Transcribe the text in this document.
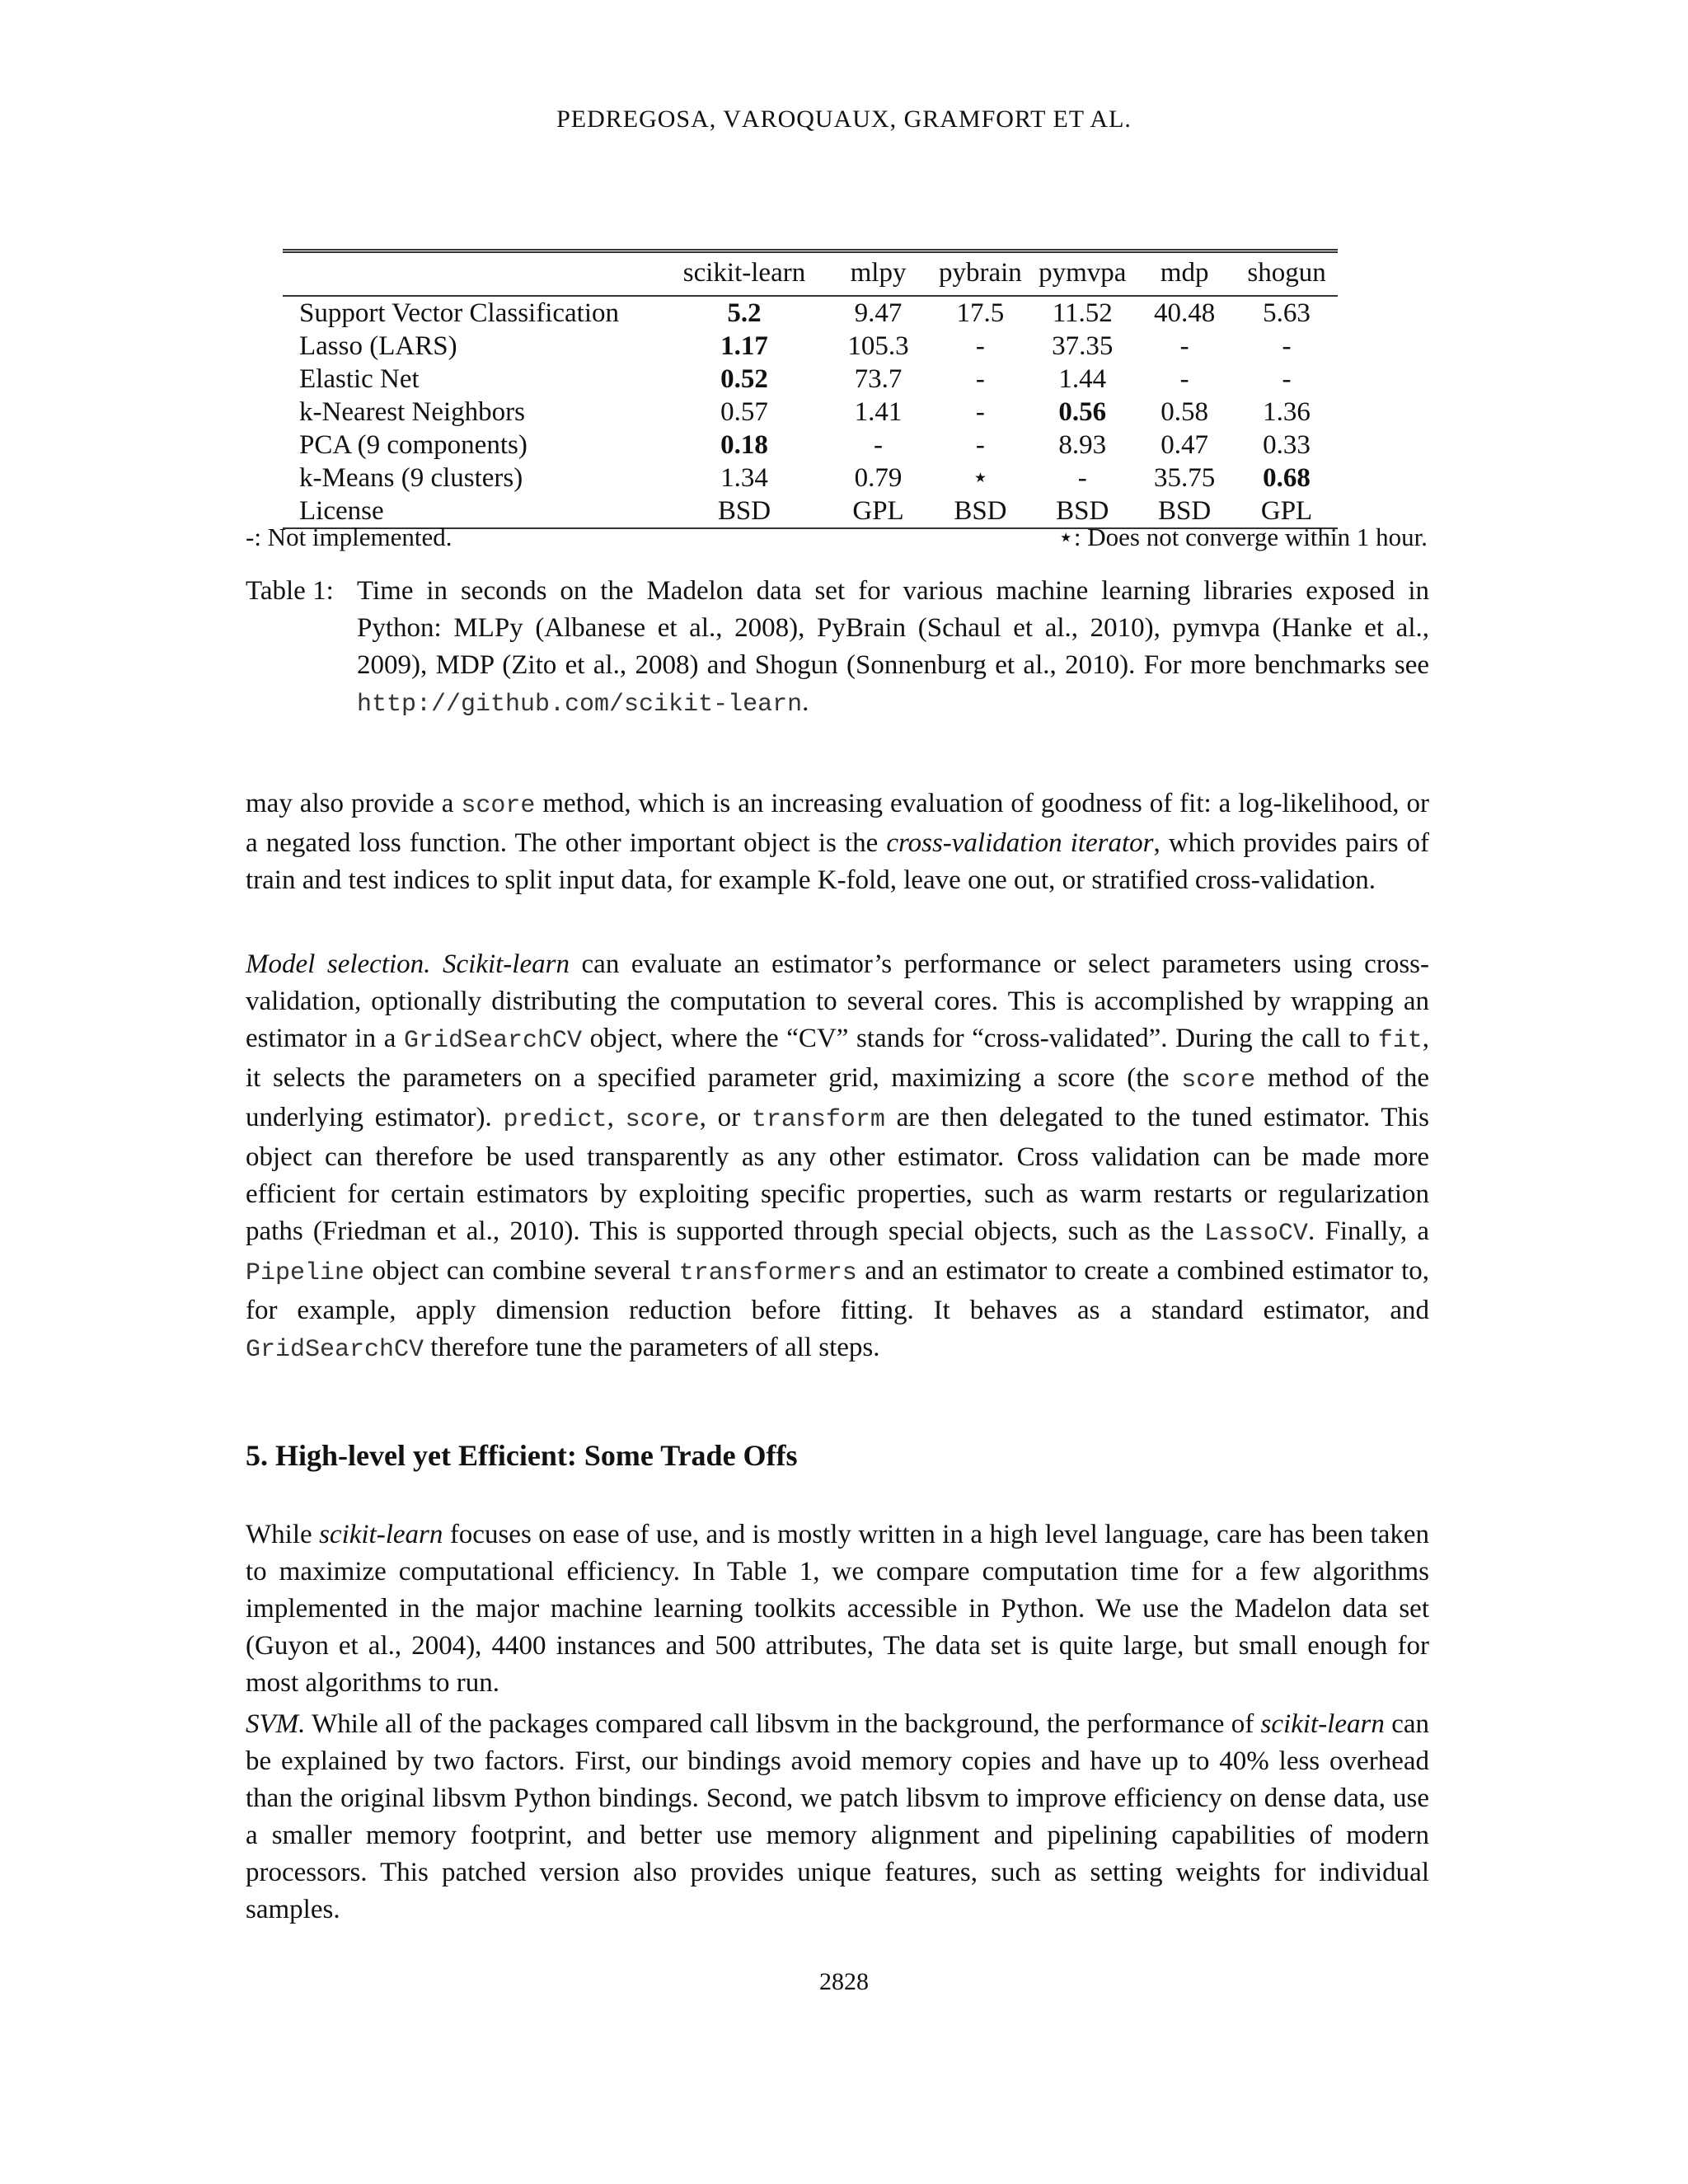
PEDREGOSA, VAROQUAUX, GRAMFORT ET AL.
	scikit-learn	mlpy	pybrain	pymvpa	mdp	shogun
Support Vector Classification	5.2	9.47	17.5	11.52	40.48	5.63
Lasso (LARS)	1.17	105.3	-	37.35	-	-
Elastic Net	0.52	73.7	-	1.44	-	-
k-Nearest Neighbors	0.57	1.41	-	0.56	0.58	1.36
PCA (9 components)	0.18	-	-	8.93	0.47	0.33
k-Means (9 clusters)	1.34	0.79	⋆	-	35.75	0.68
License	BSD	GPL	BSD	BSD	BSD	GPL
-: Not implemented.	⋆: Does not converge within 1 hour.
Table 1: Time in seconds on the Madelon data set for various machine learning libraries exposed in Python: MLPy (Albanese et al., 2008), PyBrain (Schaul et al., 2010), pymvpa (Hanke et al., 2009), MDP (Zito et al., 2008) and Shogun (Sonnenburg et al., 2010). For more benchmarks see http://github.com/scikit-learn.

may also provide a score method, which is an increasing evaluation of goodness of fit: a log-likelihood, or a negated loss function. The other important object is the cross-validation iterator, which provides pairs of train and test indices to split input data, for example K-fold, leave one out, or stratified cross-validation.

Model selection. Scikit-learn can evaluate an estimator’s performance or select parameters using cross-validation, optionally distributing the computation to several cores. This is accomplished by wrapping an estimator in a GridSearchCV object, where the “CV” stands for “cross-validated”. During the call to fit, it selects the parameters on a specified parameter grid, maximizing a score (the score method of the underlying estimator). predict, score, or transform are then delegated to the tuned estimator. This object can therefore be used transparently as any other estimator. Cross validation can be made more efficient for certain estimators by exploiting specific properties, such as warm restarts or regularization paths (Friedman et al., 2010). This is supported through special objects, such as the LassoCV. Finally, a Pipeline object can combine several transformers and an estimator to create a combined estimator to, for example, apply dimension reduction before fitting. It behaves as a standard estimator, and GridSearchCV therefore tune the parameters of all steps.

5. High-level yet Efficient: Some Trade Offs

While scikit-learn focuses on ease of use, and is mostly written in a high level language, care has been taken to maximize computational efficiency. In Table 1, we compare computation time for a few algorithms implemented in the major machine learning toolkits accessible in Python. We use the Madelon data set (Guyon et al., 2004), 4400 instances and 500 attributes, The data set is quite large, but small enough for most algorithms to run.

SVM. While all of the packages compared call libsvm in the background, the performance of scikit-learn can be explained by two factors. First, our bindings avoid memory copies and have up to 40% less overhead than the original libsvm Python bindings. Second, we patch libsvm to improve efficiency on dense data, use a smaller memory footprint, and better use memory alignment and pipelining capabilities of modern processors. This patched version also provides unique features, such as setting weights for individual samples.

2828
